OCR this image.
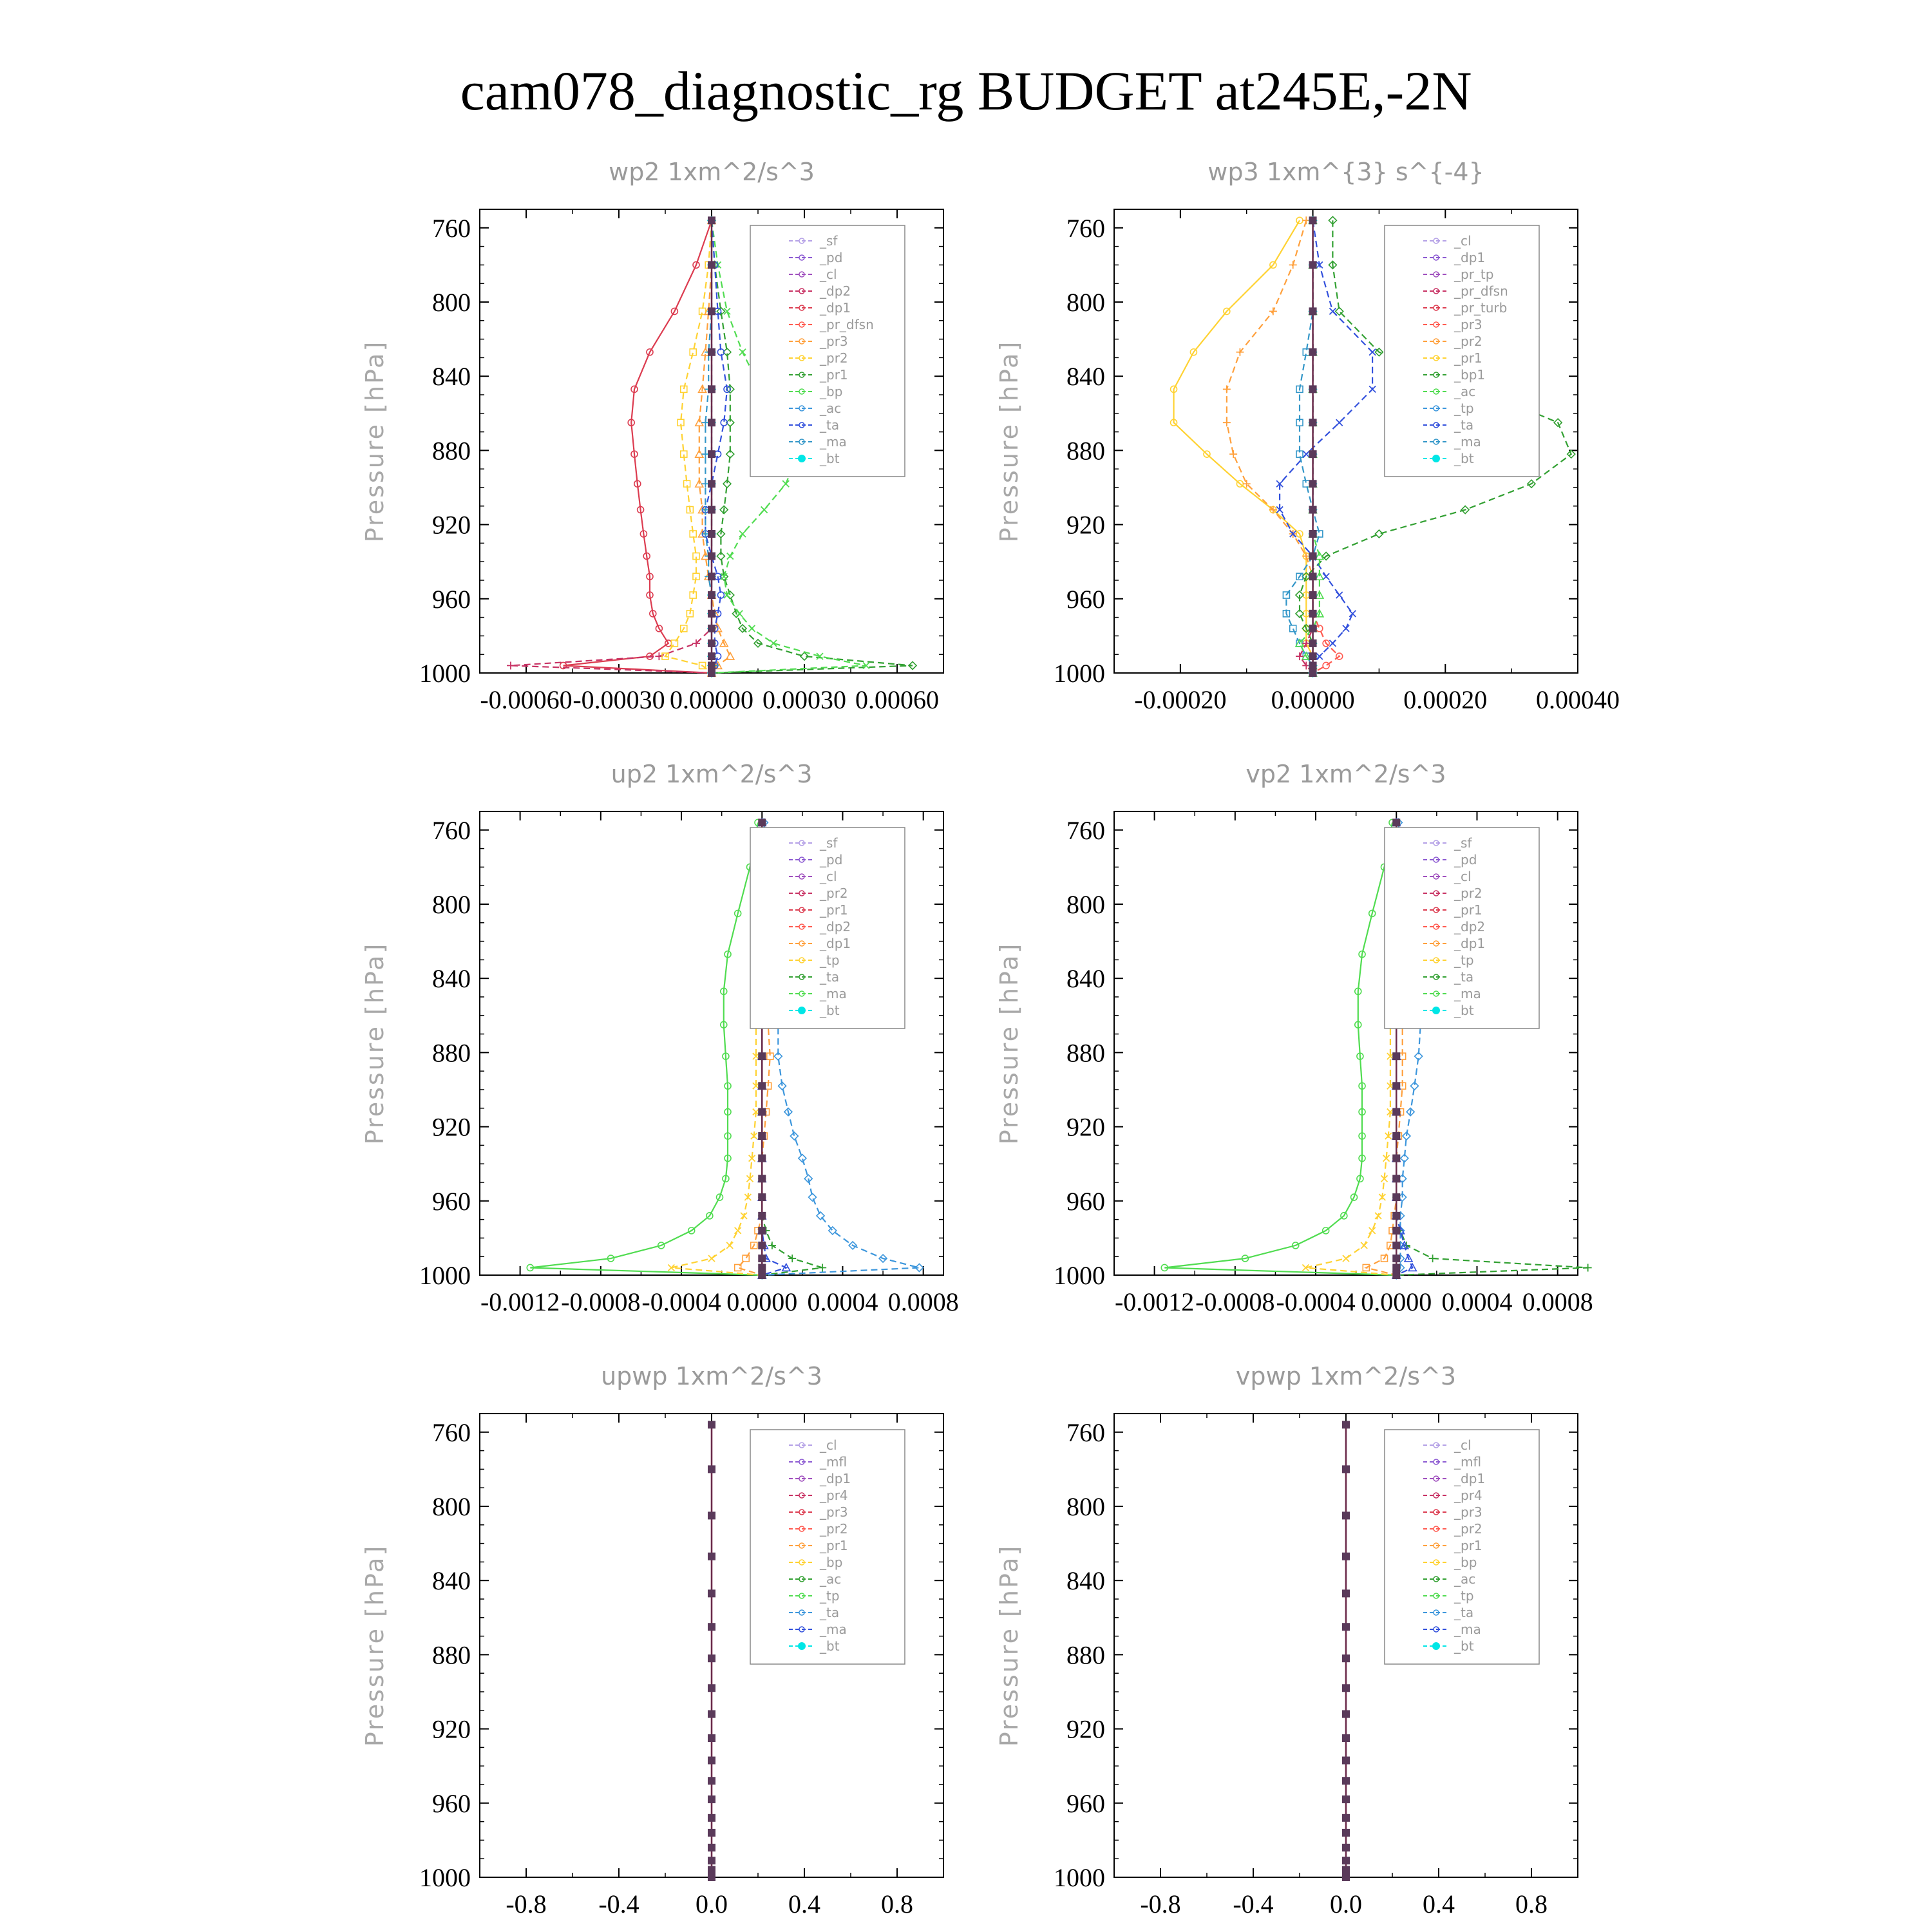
cam078_diagnostic_rg BUDGET at245E,-2N
wp2 1xm^2/s^3
Pressure [hPa]
760
800
840
880
920
960
1000
-0.00060 -0.00030 0.00000 0.00030 0.00060
_sf
_pd
_cl
_dp2
_dp1
_pr_dfsn
_pr3
_pr2
_pr1
_bp
_ac
_ta
_ma
_bt
wp3 1xm^{3} s^{-4}
Pressure [hPa]
760
800
840
880
920
960
1000
-0.00020 0.00000 0.00020 0.00040
_cl
_dp1
_pr_tp
_pr_dfsn
_pr_turb
_pr3
_pr2
_pr1
_bp1
_ac
_tp
_ta
_ma
_bt
up2 1xm^2/s^3
Pressure [hPa]
760
800
840
880
920
960
1000
-0.0012 -0.0008 -0.0004 0.0000 0.0004 0.0008
_sf
_pd
_cl
_pr2
_pr1
_dp2
_dp1
_tp
_ta
_ma
_bt
vp2 1xm^2/s^3
Pressure [hPa]
760
800
840
880
920
960
1000
-0.0012 -0.0008 -0.0004 0.0000 0.0004 0.0008
_sf
_pd
_cl
_pr2
_pr1
_dp2
_dp1
_tp
_ta
_ma
_bt
upwp 1xm^2/s^3
Pressure [hPa]
760
800
840
880
920
960
1000
-0.8 -0.4 0.0 0.4 0.8
_cl
_mfl
_dp1
_pr4
_pr3
_pr2
_pr1
_bp
_ac
_tp
_ta
_ma
_bt
vpwp 1xm^2/s^3
Pressure [hPa]
760
800
840
880
920
960
1000
-0.8 -0.4 0.0 0.4 0.8
_cl
_mfl
_dp1
_pr4
_pr3
_pr2
_pr1
_bp
_ac
_tp
_ta
_ma
_bt
